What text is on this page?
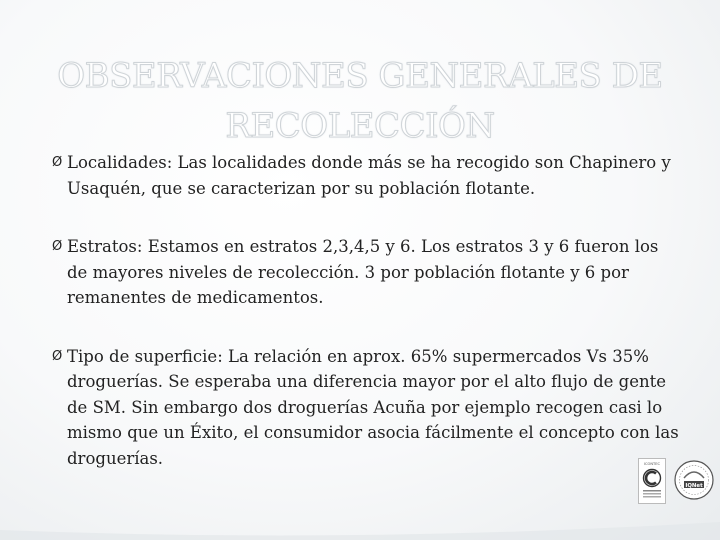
OBSERVACIONES GENERALES DE RECOLECCIÓN
Ø Localidades: Las localidades donde más se ha recogido son Chapinero y Usaquén, que se caracterizan por su población flotante.
Ø Estratos: Estamos en estratos 2,3,4,5 y 6. Los estratos 3 y 6 fueron los de mayores niveles de recolección. 3 por población flotante y 6 por remanentes de medicamentos.
Ø Tipo de superficie: La relación en aprox. 65% supermercados Vs 35% droguerías. Se esperaba una diferencia mayor por el alto flujo de gente de SM. Sin embargo dos droguerías Acuña por ejemplo recogen casi lo mismo que un Éxito, el consumidor asocia fácilmente el concepto con las droguerías.	ICONTEC
IQNet
